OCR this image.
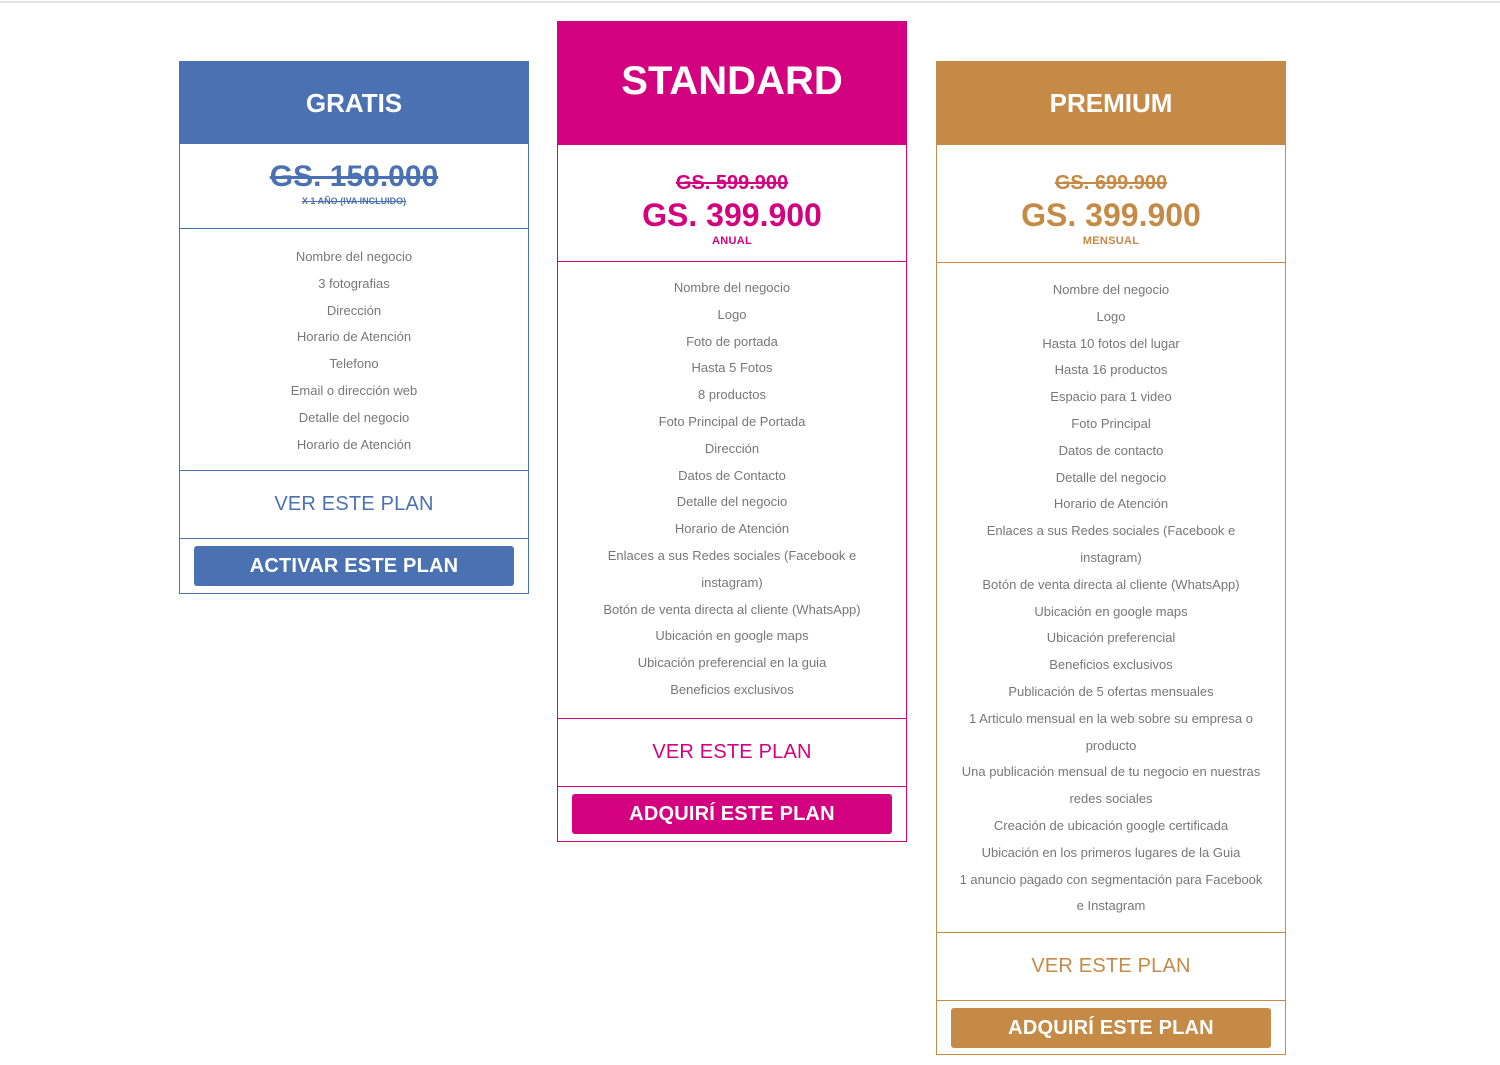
GRATIS
GS. 150.000
X 1 AÑO (IVA INCLUIDO)
Nombre del negocio
3 fotografias
Dirección
Horario de Atención
Telefono
Email o dirección web
Detalle del negocio
Horario de Atención
VER ESTE PLAN
ACTIVAR ESTE PLAN
STANDARD
GS. 599.900
GS. 399.900
ANUAL
Nombre del negocio
Logo
Foto de portada
Hasta 5 Fotos
8 productos
Foto Principal de Portada
Dirección
Datos de Contacto
Detalle del negocio
Horario de Atención
Enlaces a sus Redes sociales (Facebook e instagram)
Botón de venta directa al cliente (WhatsApp)
Ubicación en google maps
Ubicación preferencial en la guia
Beneficios exclusivos
VER ESTE PLAN
ADQUIRÍ ESTE PLAN
PREMIUM
GS. 699.900
GS. 399.900
MENSUAL
Nombre del negocio
Logo
Hasta 10 fotos del lugar
Hasta 16 productos
Espacio para 1 video
Foto Principal
Datos de contacto
Detalle del negocio
Horario de Atención
Enlaces a sus Redes sociales (Facebook e instagram)
Botón de venta directa al cliente (WhatsApp)
Ubicación en google maps
Ubicación preferencial
Beneficios exclusivos
Publicación de 5 ofertas mensuales
1 Articulo mensual en la web sobre su empresa o producto
Una publicación mensual de tu negocio en nuestras redes sociales
Creación de ubicación google certificada
Ubicación en los primeros lugares de la Guia
1 anuncio pagado con segmentación para Facebook e Instagram
VER ESTE PLAN
ADQUIRÍ ESTE PLAN
